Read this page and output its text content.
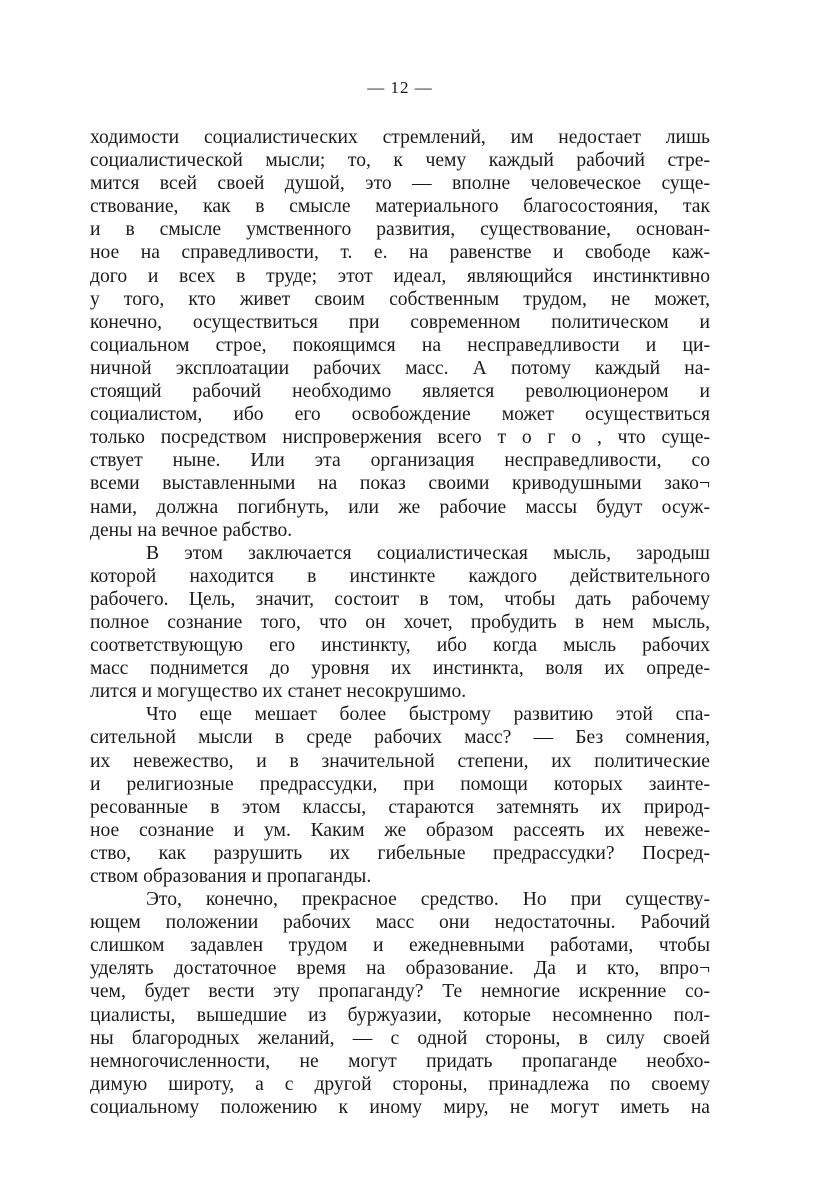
— 12 —
ходимости социалистических стремлений, им недостает лишь
социалистической мысли; то, к чему каждый рабочий стре-
мится всей своей душой, это — вполне человеческое суще-
ствование, как в смысле материального благосостояния, так
и в смысле умственного развития, существование, основан-
ное на справедливости, т. е. на равенстве и свободе каж-
дого и всех в труде; этот идеал, являющийся инстинктивно
у того, кто живет своим собственным трудом, не может,
конечно, осуществиться при современном политическом и
социальном строе, покоящимся на несправедливости и ци-
ничной эксплоатации рабочих масс. А потому каждый на-
стоящий рабочий необходимо является революционером и
социалистом, ибо его освобождение может осуществиться
только посредством ниспровержения всего т о г о , что суще-
ствует ныне. Или эта организация несправедливости, со
всеми выставленными на показ своими криводушными зако¬
нами, должна погибнуть, или же рабочие массы будут осуж-
дены на вечное рабство.
В этом заключается социалистическая мысль, зародыш
которой находится в инстинкте каждого действительного
рабочего. Цель, значит, состоит в том, чтобы дать рабочему
полное сознание того, что он хочет, пробудить в нем мысль,
соответствующую его инстинкту, ибо когда мысль рабочих
масс поднимется до уровня их инстинкта, воля их опреде-
лится и могущество их станет несокрушимо.
Что еще мешает более быстрому развитию этой спа-
сительной мысли в среде рабочих масс? — Без сомнения,
их невежество, и в значительной степени, их политические
и религиозные предрассудки, при помощи которых заинте-
ресованные в этом классы, стараются затемнять их природ-
ное сознание и ум. Каким же образом рассеять их невеже-
ство, как разрушить их гибельные предрассудки? Посред-
ством образования и пропаганды.
Это, конечно, прекрасное средство. Но при существу-
ющем положении рабочих масс они недостаточны. Рабочий
слишком задавлен трудом и ежедневными работами, чтобы
уделять достаточное время на образование. Да и кто, впро¬
чем, будет вести эту пропаганду? Те немногие искренние со-
циалисты, вышедшие из буржуазии, которые несомненно пол-
ны благородных желаний, — с одной стороны, в силу своей
немногочисленности, не могут придать пропаганде необхо-
димую широту, а с другой стороны, принадлежа по своему
социальному положению к иному миру, не могут иметь на
